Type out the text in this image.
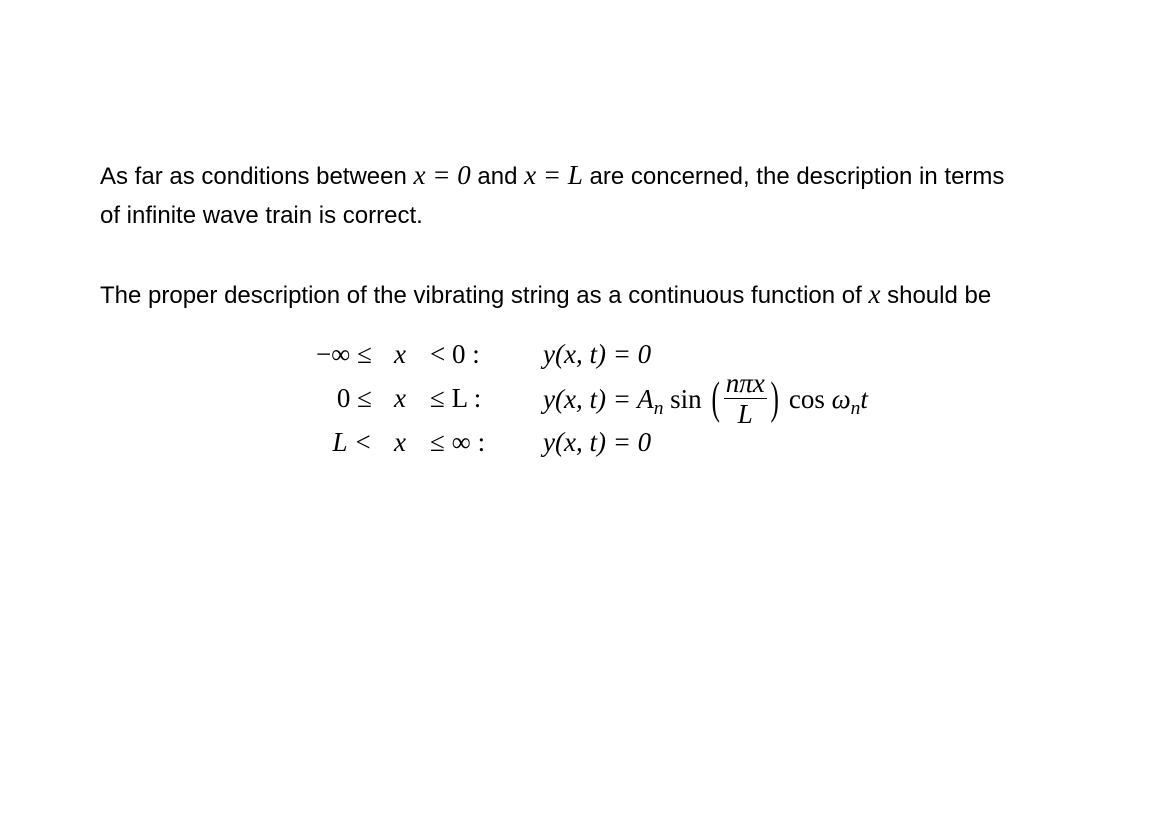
As far as conditions between x = 0 and x = L are concerned, the description in terms
of infinite wave train is correct.

The proper description of the vibrating string as a continuous function of x should be

−∞ ≤ x < 0 : y(x, t) = 0
0 ≤ x ≤ L : y(x, $t) = A_n$ sin ( $\frac{\text{nπx}}{L}$ ) $\cos \omega_nt$
L < x ≤ ∞ : y(x, t) = 0
